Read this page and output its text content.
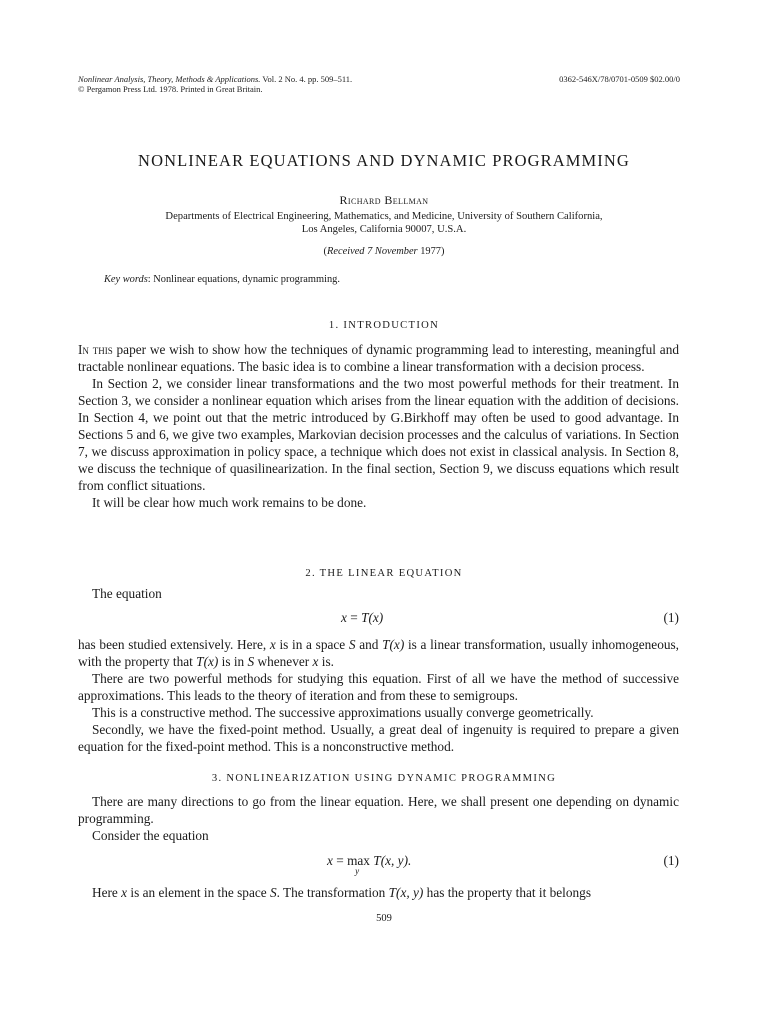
Nonlinear Analysis, Theory, Methods & Applications. Vol. 2 No. 4. pp. 509–511.
© Pergamon Press Ltd. 1978. Printed in Great Britain.
0362-546X/78/0701-0509 $02.00/0
NONLINEAR EQUATIONS AND DYNAMIC PROGRAMMING
Richard Bellman
Departments of Electrical Engineering, Mathematics, and Medicine, University of Southern California,
Los Angeles, California 90007, U.S.A.
(Received 7 November 1977)
Key words: Nonlinear equations, dynamic programming.
1. INTRODUCTION

In this paper we wish to show how the techniques of dynamic programming lead to interesting, meaningful and tractable nonlinear equations. The basic idea is to combine a linear transformation with a decision process.

In Section 2, we consider linear transformations and the two most powerful methods for their treatment. In Section 3, we consider a nonlinear equation which arises from the linear equation with the addition of decisions. In Section 4, we point out that the metric introduced by G.Birkhoff may often be used to good advantage. In Sections 5 and 6, we give two examples, Markovian decision processes and the calculus of variations. In Section 7, we discuss approximation in policy space, a technique which does not exist in classical analysis. In Section 8, we discuss the technique of quasilinearization. In the final section, Section 9, we discuss equations which result from conflict situations.

It will be clear how much work remains to be done.

2. THE LINEAR EQUATION

The equation

x = T(x)	(1)

has been studied extensively. Here, x is in a space S and T(x) is a linear transformation, usually inhomogeneous, with the property that T(x) is in S whenever x is.

There are two powerful methods for studying this equation. First of all we have the method of successive approximations. This leads to the theory of iteration and from these to semigroups.

This is a constructive method. The successive approximations usually converge geometrically.

Secondly, we have the fixed-point method. Usually, a great deal of ingenuity is required to prepare a given equation for the fixed-point method. This is a nonconstructive method.

3. NONLINEARIZATION USING DYNAMIC PROGRAMMING

There are many directions to go from the linear equation. Here, we shall present one depending on dynamic programming.

Consider the equation

x = max
y
T(x, y).	(1)

Here x is an element in the space S. The transformation T(x, y) has the property that it belongs

509
